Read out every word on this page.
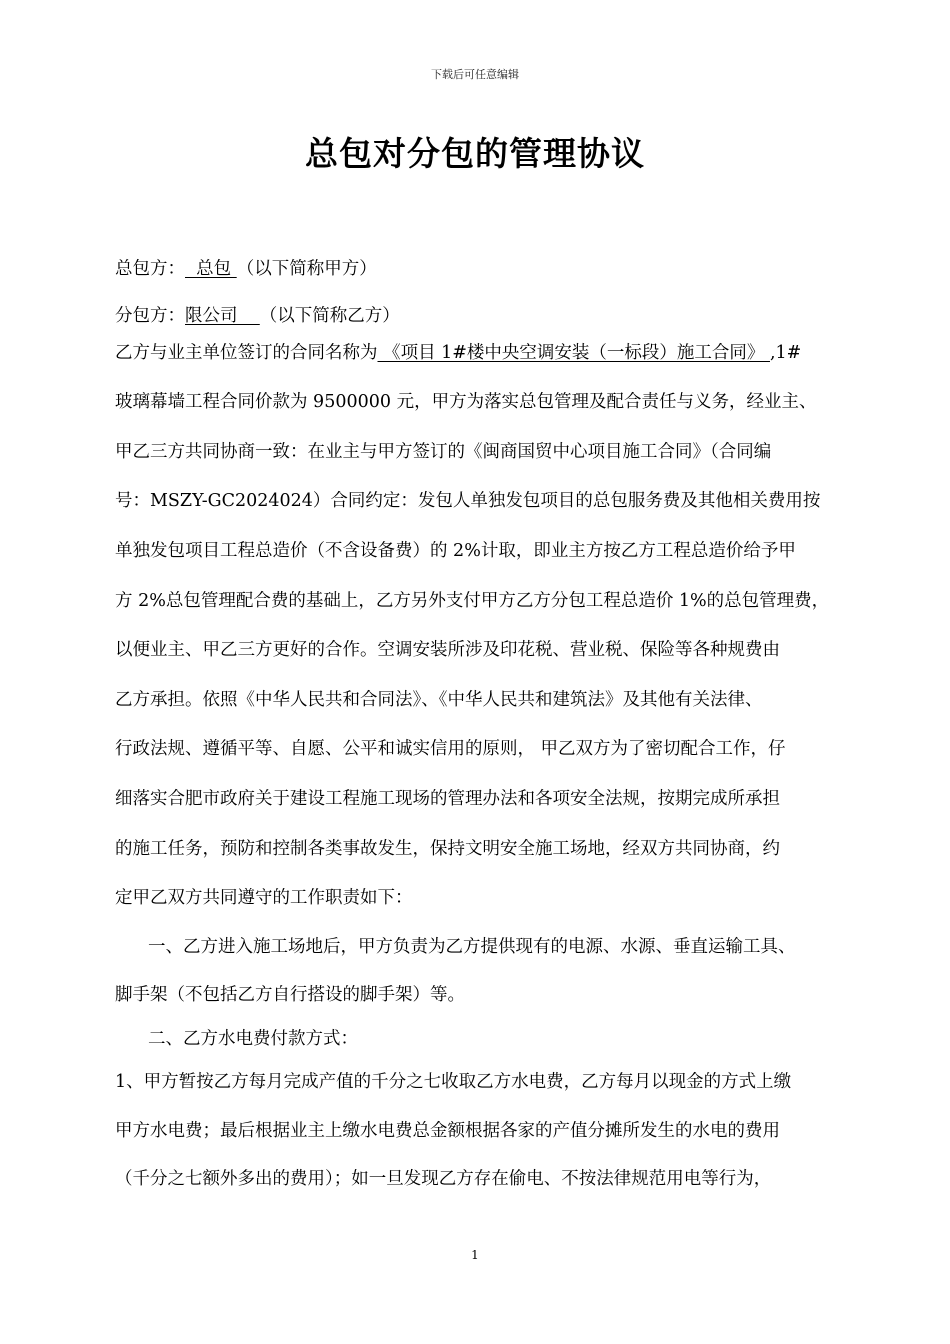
下载后可任意编辑
总包对分包的管理协议
总包方：  总包 （以下简称甲方）
分包方：限公司    （以下简称乙方）
乙方与业主单位签订的合同名称为 《项目 1#楼中央空调安装（一标段）施工合同》 ,1#
玻璃幕墙工程合同价款为 9500000 元，甲方为落实总包管理及配合责任与义务，经业主、
甲乙三方共同协商一致：在业主与甲方签订的《闽商国贸中心项目施工合同》（合同编
号：MSZY-GC2024024）合同约定：发包人单独发包项目的总包服务费及其他相关费用按
单独发包项目工程总造价（不含设备费）的 2%计取，即业主方按乙方工程总造价给予甲
方 2%总包管理配合费的基础上，乙方另外支付甲方乙方分包工程总造价 1%的总包管理费，
以便业主、甲乙三方更好的合作。空调安装所涉及印花税、营业税、保险等各种规费由
乙方承担。依照《中华人民共和合同法》、《中华人民共和建筑法》及其他有关法律、
行政法规、遵循平等、自愿、公平和诚实信用的原则， 甲乙双方为了密切配合工作，仔
细落实合肥市政府关于建设工程施工现场的管理办法和各项安全法规，按期完成所承担
的施工任务，预防和控制各类事故发生，保持文明安全施工场地，经双方共同协商，约
定甲乙双方共同遵守的工作职责如下：
一、乙方进入施工场地后，甲方负责为乙方提供现有的电源、水源、垂直运输工具、
脚手架（不包括乙方自行搭设的脚手架）等。
二、乙方水电费付款方式：
1、甲方暂按乙方每月完成产值的千分之七收取乙方水电费，乙方每月以现金的方式上缴
甲方水电费；最后根据业主上缴水电费总金额根据各家的产值分摊所发生的水电的费用
（千分之七额外多出的费用）；如一旦发现乙方存在偷电、不按法律规范用电等行为，
1
